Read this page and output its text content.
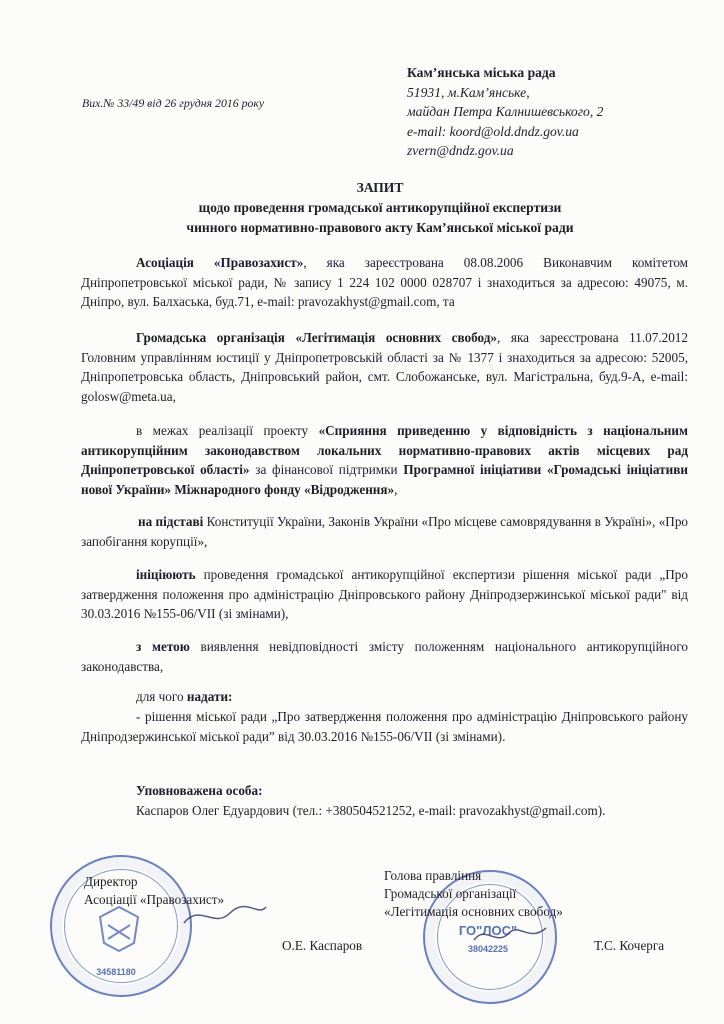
Кам’янська міська рада
51931, м.Кам’янське,
майдан Петра Калнишевського, 2
e-mail: koord@old.dndz.gov.ua
zvern@dndz.gov.ua
Вих.№ 33/49 від 26 грудня 2016 року
ЗАПИТ
щодо проведення громадської антикорупційної експертизи
чинного нормативно-правового акту Кам’янської міської ради
Асоціація «Правозахист», яка зареєстрована 08.08.2006 Виконавчим комітетом Дніпропетровської міської ради, № запису 1 224 102 0000 028707 і знаходиться за адресою: 49075, м. Дніпро, вул. Балхаська, буд.71, e-mail: pravozakhyst@gmail.com, та
Громадська організація «Легітимація основних свобод», яка зареєстрована 11.07.2012 Головним управлінням юстиції у Дніпропетровській області за № 1377 і знаходиться за адресою: 52005, Дніпропетровська область, Дніпровський район, смт. Слобожанське, вул. Магістральна, буд.9-А, e-mail: golosw@meta.ua,
в межах реалізації проекту «Сприяння приведенню у відповідність з національним антикорупційним законодавством локальних нормативно-правових актів місцевих рад Дніпропетровської області» за фінансової підтримки Програмної ініціативи «Громадські ініціативи нової України» Міжнародного фонду «Відродження»,
на підставі Конституції України, Законів України «Про місцеве самоврядування в Україні», «Про запобігання корупції»,
ініціюють проведення громадської антикорупційної експертизи рішення міської ради „Про затвердження положення про адміністрацію Дніпровського району Дніпродзержинської міської ради" від 30.03.2016 №155-06/VII (зі змінами),
з метою виявлення невідповідності змісту положенням національного антикорупційного законодавства,
для чого надати:
- рішення міської ради „Про затвердження положення про адміністрацію Дніпровського району Дніпродзержинської міської ради” від 30.03.2016 №155-06/VII (зі змінами).
Уповноважена особа:
Каспаров Олег Едуардович (тел.: +380504521252, e-mail: pravozakhyst@gmail.com).
34581180
ГО"ЛОС"
38042225
Директор
Асоціації «Правозахист»
О.Е. Каспаров
Голова правління
Громадської організації
«Легітимація основних свобод»
Т.С. Кочерга
